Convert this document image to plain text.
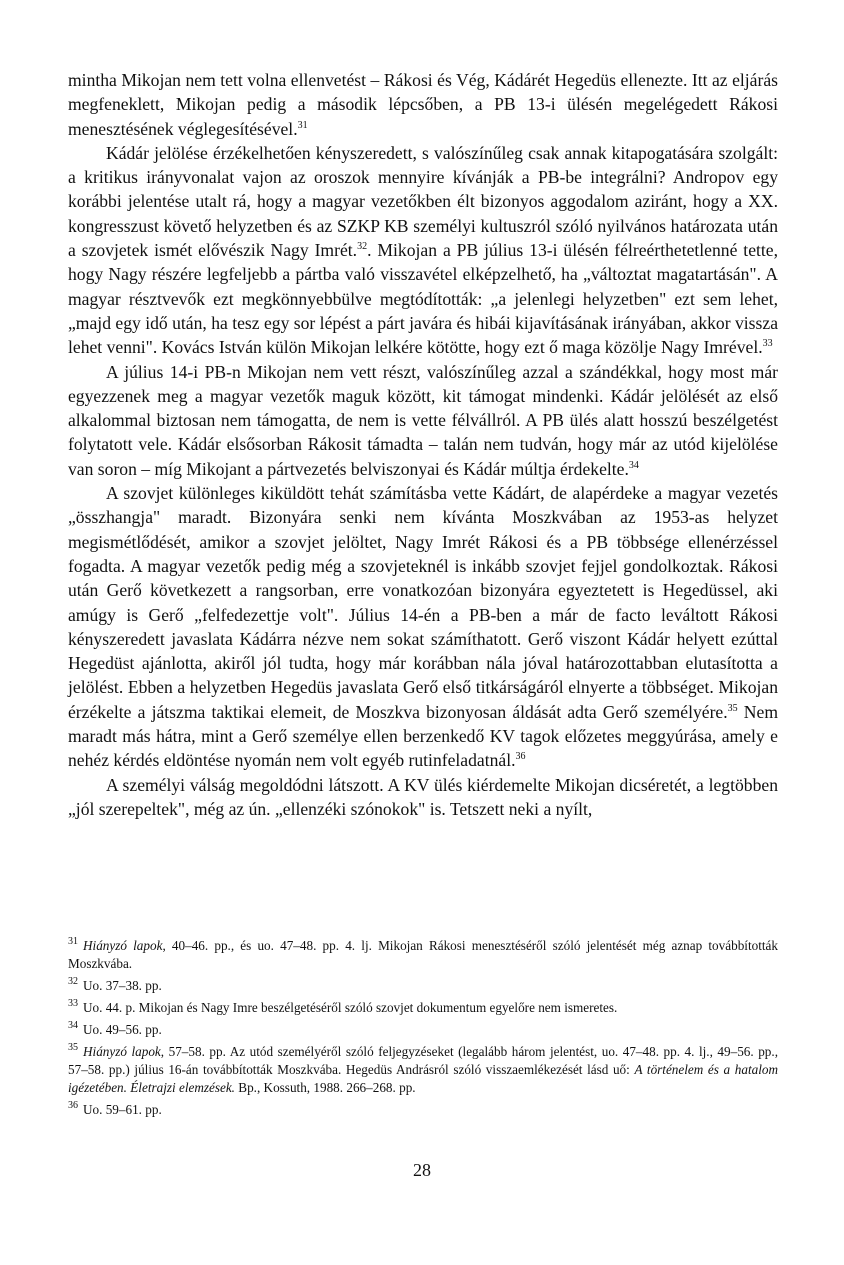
mintha Mikojan nem tett volna ellenvetést – Rákosi és Vég, Kádárét Hegedüs ellenezte. Itt az eljárás megfeneklett, Mikojan pedig a második lépcsőben, a PB 13-i ülésén megelégedett Rákosi menesztésének véglegesítésével.$^{31}$

Kádár jelölése érzékelhetően kényszeredett, s valószínűleg csak annak kitapogatására szolgált: a kritikus irányvonalat vajon az oroszok mennyire kívánják a PB-be integrálni? Andropov egy korábbi jelentése utalt rá, hogy a magyar vezetőkben élt bizonyos aggodalom aziránt, hogy a XX. kongresszust követő helyzetben és az SZKP KB személyi kultuszról szóló nyilvános határozata után a szovjetek ismét elővészik Nagy Imrét.$^{32}$. Mikojan a PB július 13-i ülésén félreérthetetlenné tette, hogy Nagy részére legfeljebb a pártba való visszavétel elképzelhető, ha „változtat magatartásán". A magyar résztvevők ezt megkönnyebbülve megtódították: „a jelenlegi helyzetben" ezt sem lehet, „majd egy idő után, ha tesz egy sor lépést a párt javára és hibái kijavításának irányában, akkor vissza lehet venni". Kovács István külön Mikojan lelkére kötötte, hogy ezt ő maga közölje Nagy Imrével.$^{33}$

A július 14-i PB-n Mikojan nem vett részt, valószínűleg azzal a szándékkal, hogy most már egyezzenek meg a magyar vezetők maguk között, kit támogat mindenki. Kádár jelölését az első alkalommal biztosan nem támogatta, de nem is vette félvállról. A PB ülés alatt hosszú beszélgetést folytatott vele. Kádár elsősorban Rákosit támadta – talán nem tudván, hogy már az utód kijelölése van soron – míg Mikojant a pártvezetés belviszonyai és Kádár múltja érdekelte.$^{34}$

A szovjet különleges kiküldött tehát számításba vette Kádárt, de alapérdeke a magyar vezetés „összhangja" maradt. Bizonyára senki nem kívánta Moszkvában az 1953-as helyzet megismétlődését, amikor a szovjet jelöltet, Nagy Imrét Rákosi és a PB többsége ellenérzéssel fogadta. A magyar vezetők pedig még a szovjeteknél is inkább szovjet fejjel gondolkoztak. Rákosi után Gerő következett a rangsorban, erre vonatkozóan bizonyára egyeztetett is Hegedüssel, aki amúgy is Gerő „felfedezettje volt". Július 14-én a PB-ben a már de facto leváltott Rákosi kényszeredett javaslata Kádárra nézve nem sokat számíthatott. Gerő viszont Kádár helyett ezúttal Hegedüst ajánlotta, akiről jól tudta, hogy már korábban nála jóval határozottabban elutasította a jelölést. Ebben a helyzetben Hegedüs javaslata Gerő első titkárságáról elnyerte a többséget. Mikojan érzékelte a játszma taktikai elemeit, de Moszkva bizonyosan áldását adta Gerő személyére.$^{35}$ Nem maradt más hátra, mint a Gerő személye ellen berzenkedő KV tagok előzetes meggyúrása, amely e nehéz kérdés eldöntése nyomán nem volt egyéb rutinfeladatnál.$^{36}$

A személyi válság megoldódni látszott. A KV ülés kiérdemelte Mikojan dicséretét, a legtöbben „jól szerepeltek", még az ún. „ellenzéki szónokok" is. Tetszett neki a nyílt,

$^{31}$ Hiányzó lapok, 40–46. pp., és uo. 47–48. pp. 4. lj. Mikojan Rákosi menesztéséről szóló jelentését még aznap továbbították Moszkvába.

$^{32}$ Uo. 37–38. pp.

$^{33}$ Uo. 44. p. Mikojan és Nagy Imre beszélgetéséről szóló szovjet dokumentum egyelőre nem ismeretes.

$^{34}$ Uo. 49–56. pp.

$^{35}$ Hiányzó lapok, 57–58. pp. Az utód személyéről szóló feljegyzéseket (legalább három jelentést, uo. 47–48. pp. 4. lj., 49–56. pp., 57–58. pp.) július 16-án továbbították Moszkvába. Hegedüs Andrásról szóló visszaemlékezését lásd uő: A történelem és a hatalom igézetében. Életrajzi elemzések. Bp., Kossuth, 1988. 266–268. pp.

$^{36}$ Uo. 59–61. pp.

28
